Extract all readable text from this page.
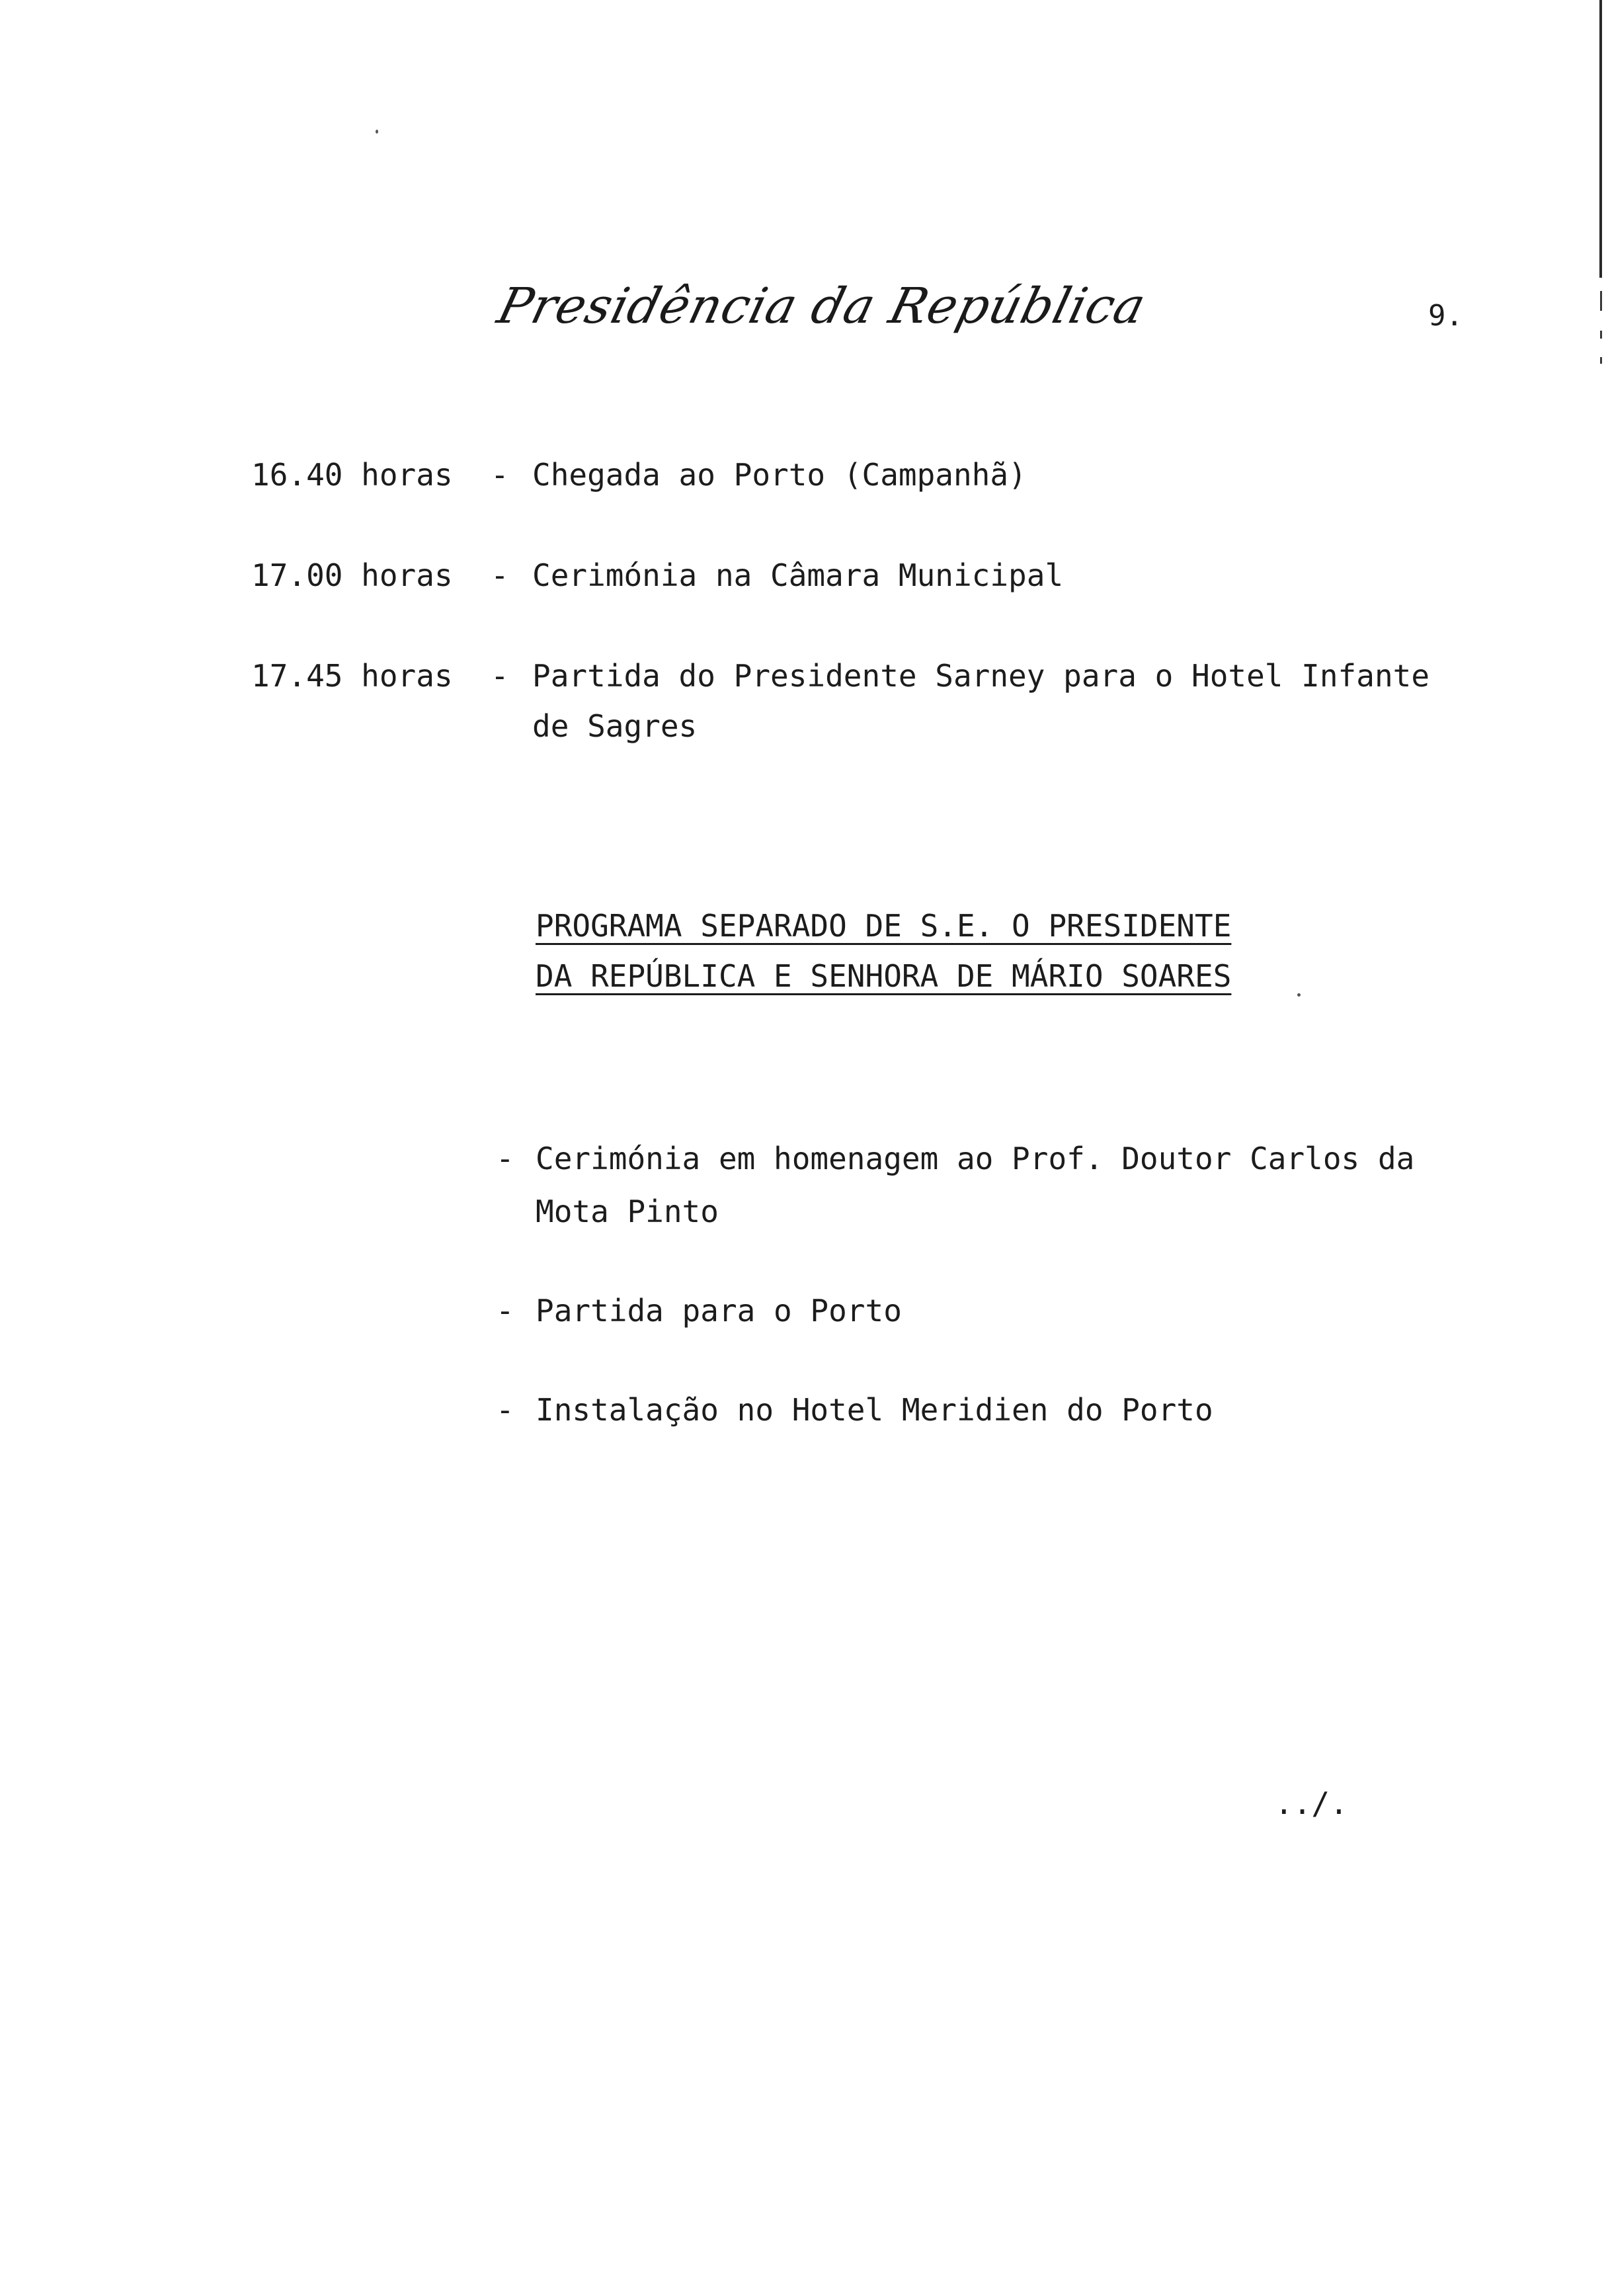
Presidência da República	9.
16.40 horas - Chegada ao Porto (Campanhã)
17.00 horas - Cerimónia na Câmara Municipal
17.45 horas - Partida do Presidente Sarney para o Hotel Infante
de Sagres
PROGRAMA SEPARADO DE S.E. O PRESIDENTE
DA REPÚBLICA E SENHORA DE MÁRIO SOARES
- Cerimónia em homenagem ao Prof. Doutor Carlos da
Mota Pinto
- Partida para o Porto
- Instalação no Hotel Meridien do Porto
../.
